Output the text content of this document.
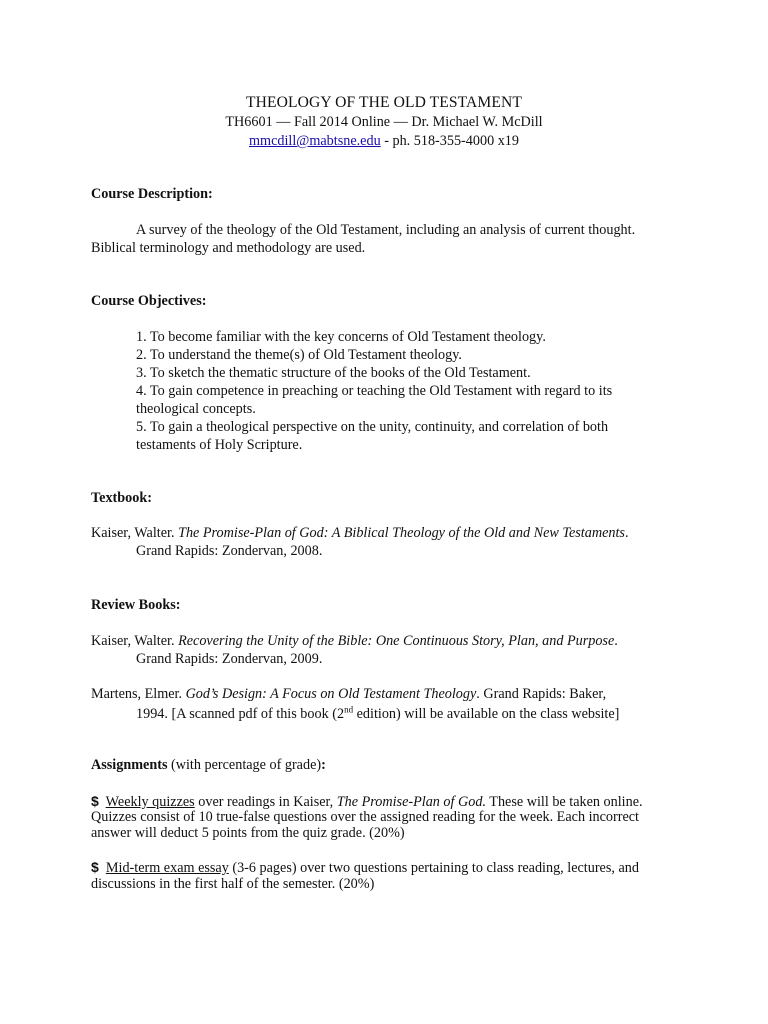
THEOLOGY OF THE OLD TESTAMENT
TH6601 — Fall 2014 Online — Dr. Michael W. McDill
mmcdill@mabtsne.edu - ph. 518-355-4000 x19
Course Description:
A survey of the theology of the Old Testament, including an analysis of current thought.
Biblical terminology and methodology are used.
Course Objectives:
1. To become familiar with the key concerns of Old Testament theology.
2. To understand the theme(s) of Old Testament theology.
3. To sketch the thematic structure of the books of the Old Testament.
4. To gain competence in preaching or teaching the Old Testament with regard to its
theological concepts.
5. To gain a theological perspective on the unity, continuity, and correlation of both
testaments of Holy Scripture.
Textbook:
Kaiser, Walter. The Promise-Plan of God: A Biblical Theology of the Old and New Testaments.
Grand Rapids: Zondervan, 2008.
Review Books:
Kaiser, Walter. Recovering the Unity of the Bible: One Continuous Story, Plan, and Purpose.
Grand Rapids: Zondervan, 2009.
Martens, Elmer. God’s Design: A Focus on Old Testament Theology. Grand Rapids: Baker,
1994. [A scanned pdf of this book (2nd edition) will be available on the class website]
Assignments (with percentage of grade):
$ Weekly quizzes over readings in Kaiser, The Promise-Plan of God. These will be taken online.
Quizzes consist of 10 true-false questions over the assigned reading for the week. Each incorrect
answer will deduct 5 points from the quiz grade. (20%)
$ Mid-term exam essay (3-6 pages) over two questions pertaining to class reading, lectures, and
discussions in the first half of the semester. (20%)
